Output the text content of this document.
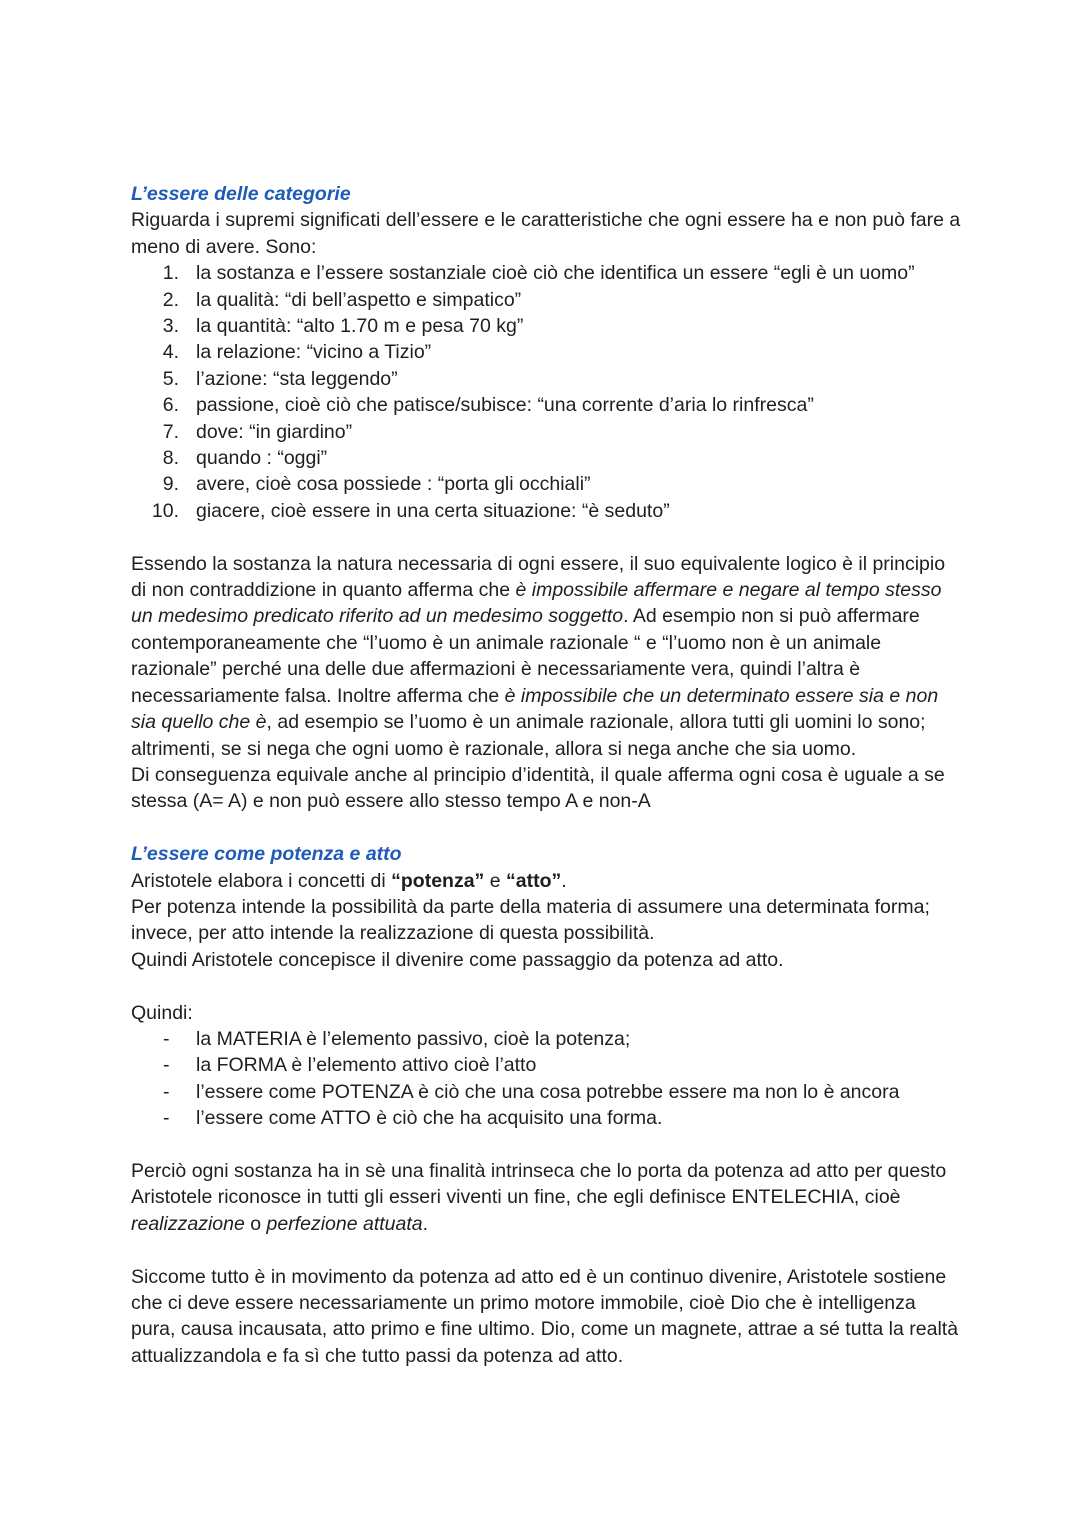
L’essere delle categorie

Riguarda i supremi significati dell’essere e le caratteristiche che ogni essere ha e non può fare a meno di avere. Sono:

1. la sostanza e l’essere sostanziale cioè ciò che identifica un essere “egli è un uomo”
2. la qualità: “di bell’aspetto e simpatico”
3. la quantità: “alto 1.70 m e pesa 70 kg”
4. la relazione: “vicino a Tizio”
5. l’azione: “sta leggendo”
6. passione, cioè ciò che patisce/subisce: “una corrente d’aria lo rinfresca”
7. dove: “in giardino”
8. quando : “oggi”
9. avere, cioè cosa possiede : “porta gli occhiali”
10. giacere, cioè essere in una certa situazione: “è seduto”

Essendo la sostanza la natura necessaria di ogni essere, il suo equivalente logico è il principio di non contraddizione in quanto afferma che è impossibile affermare e negare al tempo stesso un medesimo predicato riferito ad un medesimo soggetto. Ad esempio non si può affermare contemporaneamente che “l’uomo è un animale razionale “ e “l’uomo non è un animale razionale” perché una delle due affermazioni è necessariamente vera, quindi l’altra è necessariamente falsa. Inoltre afferma che è impossibile che un determinato essere sia e non sia quello che è, ad esempio se l’uomo è un animale razionale, allora tutti gli uomini lo sono; altrimenti, se si nega che ogni uomo è razionale, allora si nega anche che sia uomo.

Di conseguenza equivale anche al principio d’identità, il quale afferma ogni cosa è uguale a se stessa (A= A) e non può essere allo stesso tempo A e non-A

L’essere come potenza e atto

Aristotele elabora i concetti di “potenza” e “atto”.

Per potenza intende la possibilità da parte della materia di assumere una determinata forma; invece, per atto intende la realizzazione di questa possibilità.

Quindi Aristotele concepisce il divenire come passaggio da potenza ad atto.

Quindi:

- la MATERIA è l’elemento passivo, cioè la potenza;
- la FORMA è l’elemento attivo cioè l’atto
- l’essere come POTENZA è ciò che una cosa potrebbe essere ma non lo è ancora
- l’essere come ATTO è ciò che ha acquisito una forma.

Perciò ogni sostanza ha in sè una finalità intrinseca che lo porta da potenza ad atto per questo Aristotele riconosce in tutti gli esseri viventi un fine, che egli definisce ENTELECHIA, cioè realizzazione o perfezione attuata.

Siccome tutto è in movimento da potenza ad atto ed è un continuo divenire, Aristotele sostiene che ci deve essere necessariamente un primo motore immobile, cioè Dio che è intelligenza pura, causa incausata, atto primo e fine ultimo. Dio, come un magnete, attrae a sé tutta la realtà attualizzandola e fa sì che tutto passi da potenza ad atto.
